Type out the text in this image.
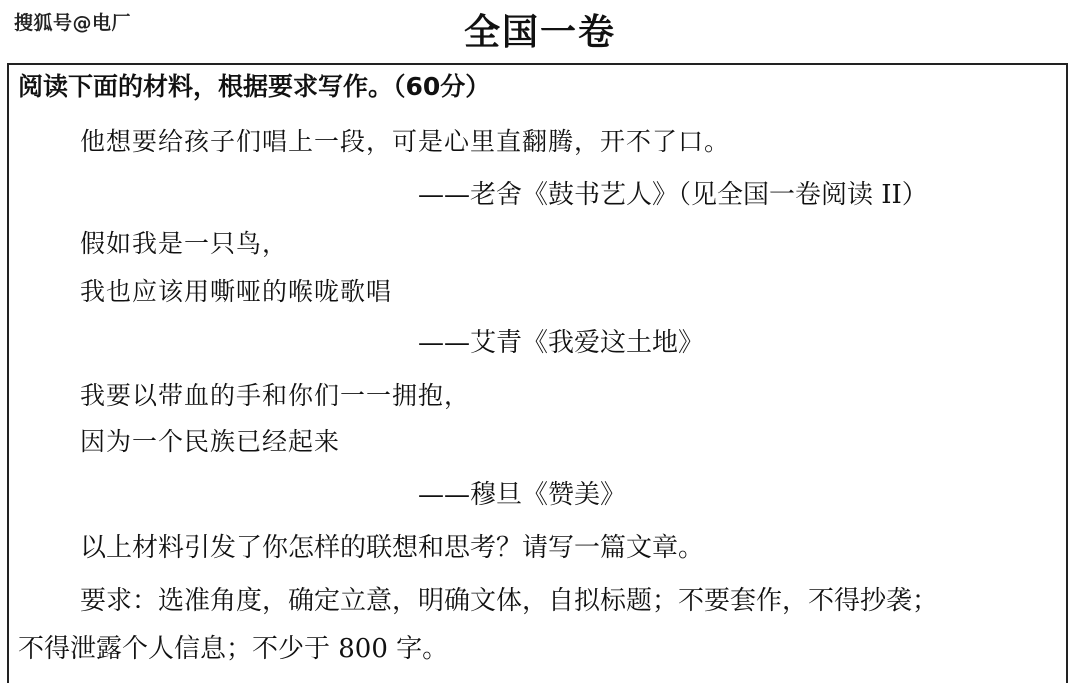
搜狐号@电厂	全国一卷
阅读下面的材料，根据要求写作。（60分）
他想要给孩子们唱上一段，可是心里直翻腾，开不了口。
——老舍《鼓书艺人》（见全国一卷阅读 II）
假如我是一只鸟，
我也应该用嘶哑的喉咙歌唱
——艾青《我爱这土地》
我要以带血的手和你们一一拥抱，
因为一个民族已经起来
——穆旦《赞美》
以上材料引发了你怎样的联想和思考？请写一篇文章。
要求：选准角度，确定立意，明确文体，自拟标题；不要套作，不得抄袭；
不得泄露个人信息；不少于 800 字。
